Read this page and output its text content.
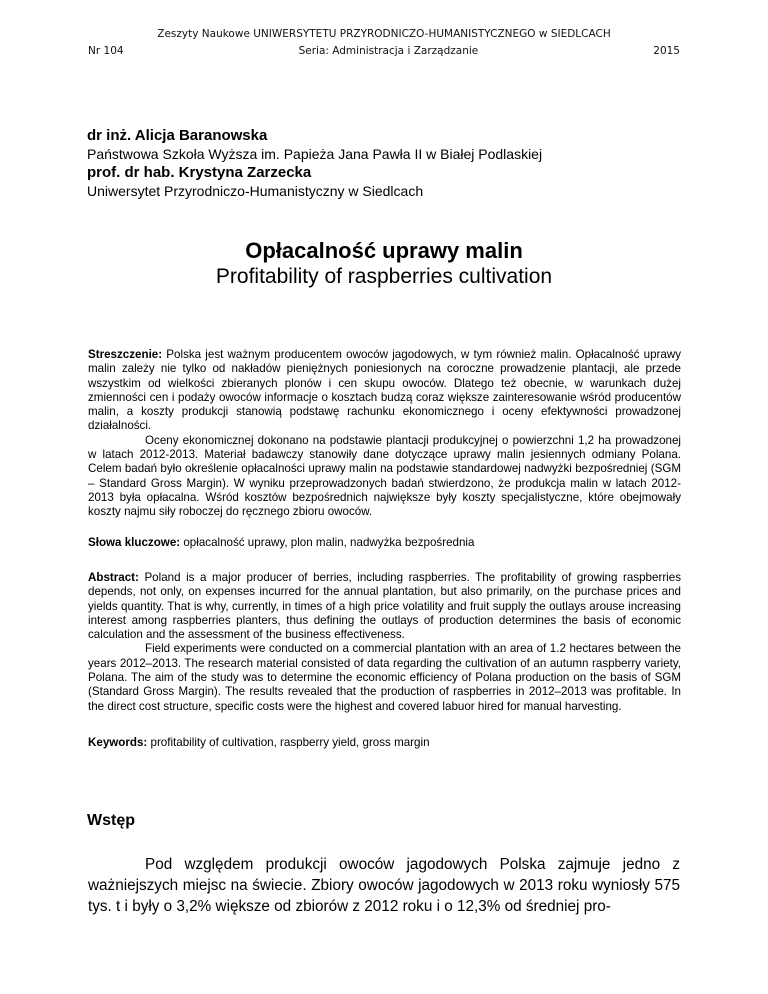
Zeszyty Naukowe UNIWERSYTETU PRZYRODNICZO-HUMANISTYCZNEGO w SIEDLCACH
Nr 104	Seria: Administracja i Zarządzanie	2015
dr inż. Alicja Baranowska
Państwowa Szkoła Wyższa im. Papieża Jana Pawła II w Białej Podlaskiej
prof. dr hab. Krystyna Zarzecka
Uniwersytet Przyrodniczo-Humanistyczny w Siedlcach
Opłacalność uprawy malin
Profitability of raspberries cultivation

Streszczenie: Polska jest ważnym producentem owoców jagodowych, w tym również malin. Opłacalność uprawy malin zależy nie tylko od nakładów pieniężnych poniesionych na coroczne prowadzenie plantacji, ale przede wszystkim od wielkości zbieranych plonów i cen skupu owoców. Dlatego też obecnie, w warunkach dużej zmienności cen i podaży owoców informacje o kosztach budzą coraz większe zainteresowanie wśród producentów malin, a koszty produkcji stanowią podstawę rachunku ekonomicznego i oceny efektywności prowadzonej działalności.

Oceny ekonomicznej dokonano na podstawie plantacji produkcyjnej o powierzchni 1,2 ha prowadzonej w latach 2012-2013. Materiał badawczy stanowiły dane dotyczące uprawy malin jesiennych odmiany Polana. Celem badań było określenie opłacalności uprawy malin na podstawie standardowej nadwyżki bezpośredniej (SGM – Standard Gross Margin). W wyniku przeprowadzonych badań stwierdzono, że produkcja malin w latach 2012-2013 była opłacalna. Wśród kosztów bezpośrednich największe były koszty specjalistyczne, które obejmowały koszty najmu siły roboczej do ręcznego zbioru owoców.

Słowa kluczowe: opłacalność uprawy, plon malin, nadwyżka bezpośrednia

Abstract: Poland is a major producer of berries, including raspberries. The profitability of growing raspberries depends, not only, on expenses incurred for the annual plantation, but also primarily, on the purchase prices and yields quantity. That is why, currently, in times of a high price volatility and fruit supply the outlays arouse increasing interest among raspberries planters, thus defining the outlays of production determines the basis of economic calculation and the assessment of the business effectiveness.

Field experiments were conducted on a commercial plantation with an area of 1.2 hectares between the years 2012–2013. The research material consisted of data regarding the cultivation of an autumn raspberry variety, Polana. The aim of the study was to determine the economic efficiency of Polana production on the basis of SGM (Standard Gross Margin). The results revealed that the production of raspberries in 2012–2013 was profitable. In the direct cost structure, specific costs were the highest and covered labuor hired for manual harvesting.

Keywords: profitability of cultivation, raspberry yield, gross margin

Wstęp

Pod względem produkcji owoców jagodowych Polska zajmuje jedno z ważniejszych miejsc na świecie. Zbiory owoców jagodowych w 2013 roku wyniosły 575 tys. t i były o 3,2% większe od zbiorów z 2012 roku i o 12,3% od średniej pro-
